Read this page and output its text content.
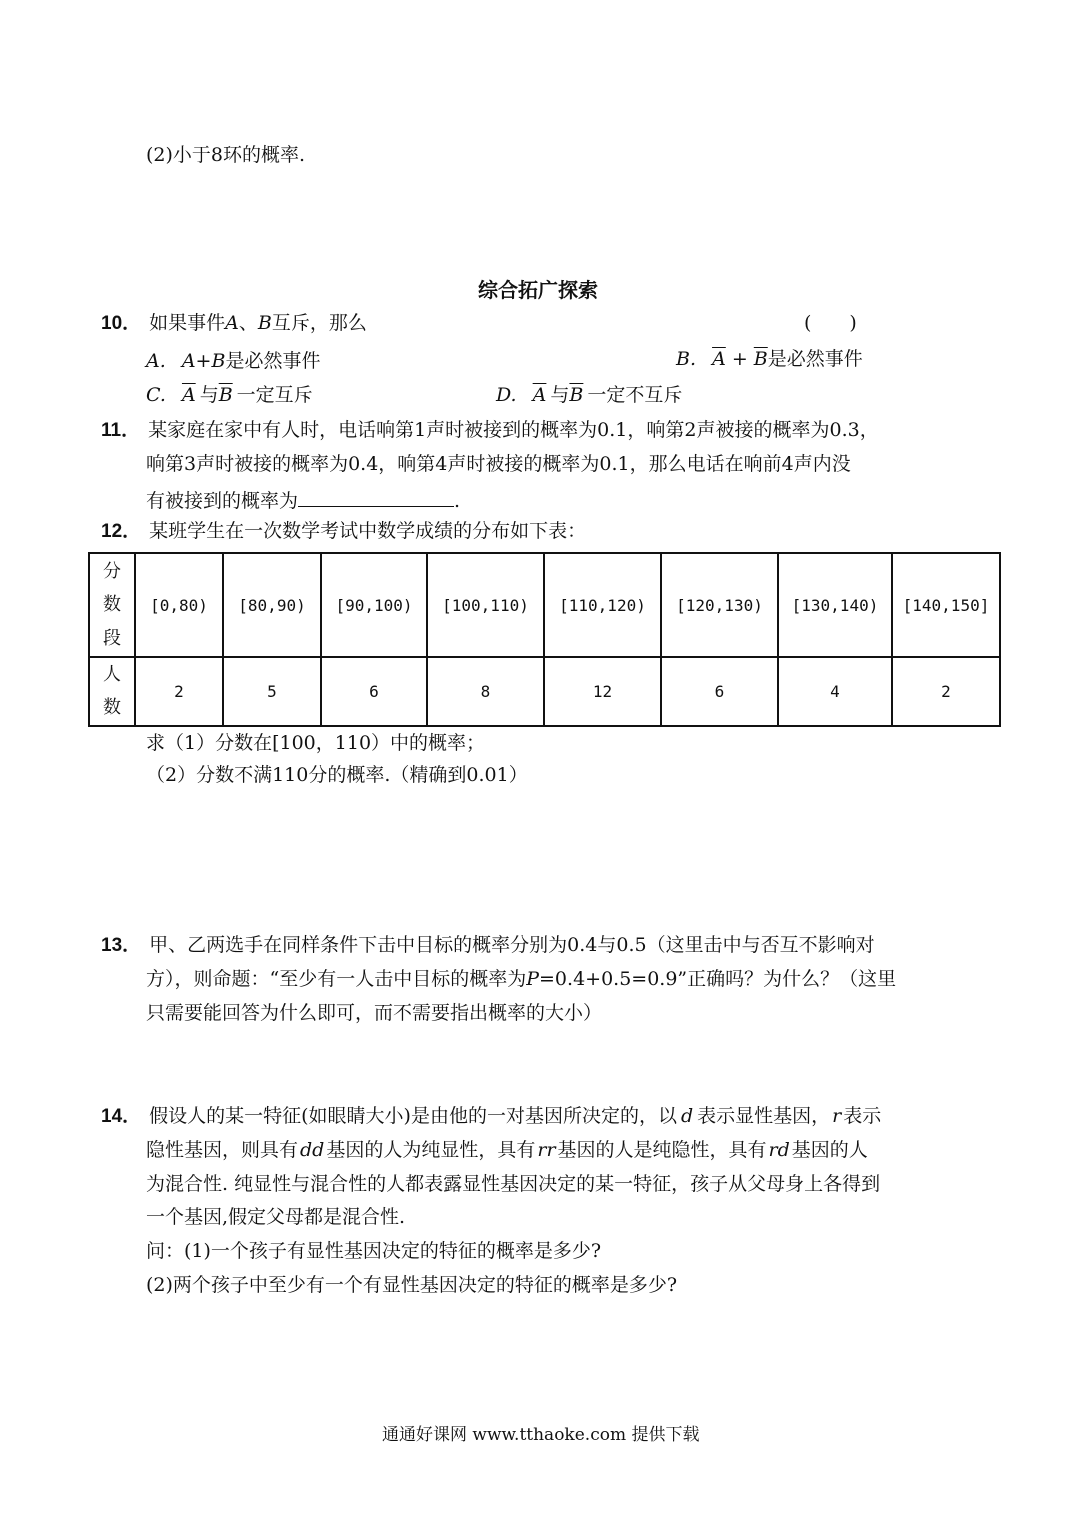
(2)小于8环的概率.
综合拓广探索
10． 如果事件A、B互斥，那么	(　　)
A. A+B是必然事件	B. $\overline{A} + \overline{B}$是必然事件
C. $\overline{A}$ 与$\overline{B}$ 一定互斥	D. $\overline{A}$ 与$\overline{B}$ 一定不互斥
11． 某家庭在家中有人时，电话响第1声时被接到的概率为0.1，响第2声被接的概率为0.3，
响第3声时被接的概率为0.4，响第4声时被接的概率为0.1，那么电话在响前4声内没
有被接到的概率为	.
12． 某班学生在一次数学考试中数学成绩的分布如下表：
分
数
段	[0,80)	[80,90)	[90,100)	[100,110)	[110,120)	[120,130)	[130,140)	[140,150]
人
数	2	5	6	8	12	6	4	2
求（1）分数在[100，110）中的概率；
（2）分数不满110分的概率.（精确到0.01）
13． 甲、乙两选手在同样条件下击中目标的概率分别为0.4与0.5（这里击中与否互不影响对
方），则命题：“至少有一人击中目标的概率为P=0.4+0.5=0.9”正确吗？为什么？（这里
只需要能回答为什么即可，而不需要指出概率的大小）
14． 假设人的某一特征(如眼睛大小)是由他的一对基因所决定的，以 d 表示显性基因， r 表示
隐性基因，则具有 dd 基因的人为纯显性，具有 rr 基因的人是纯隐性，具有 rd 基因的人
为混合性. 纯显性与混合性的人都表露显性基因决定的某一特征，孩子从父母身上各得到
一个基因,假定父母都是混合性.
问：(1)一个孩子有显性基因决定的特征的概率是多少?
(2)两个孩子中至少有一个有显性基因决定的特征的概率是多少?
通通好课网 www.tthaoke.com 提供下载
